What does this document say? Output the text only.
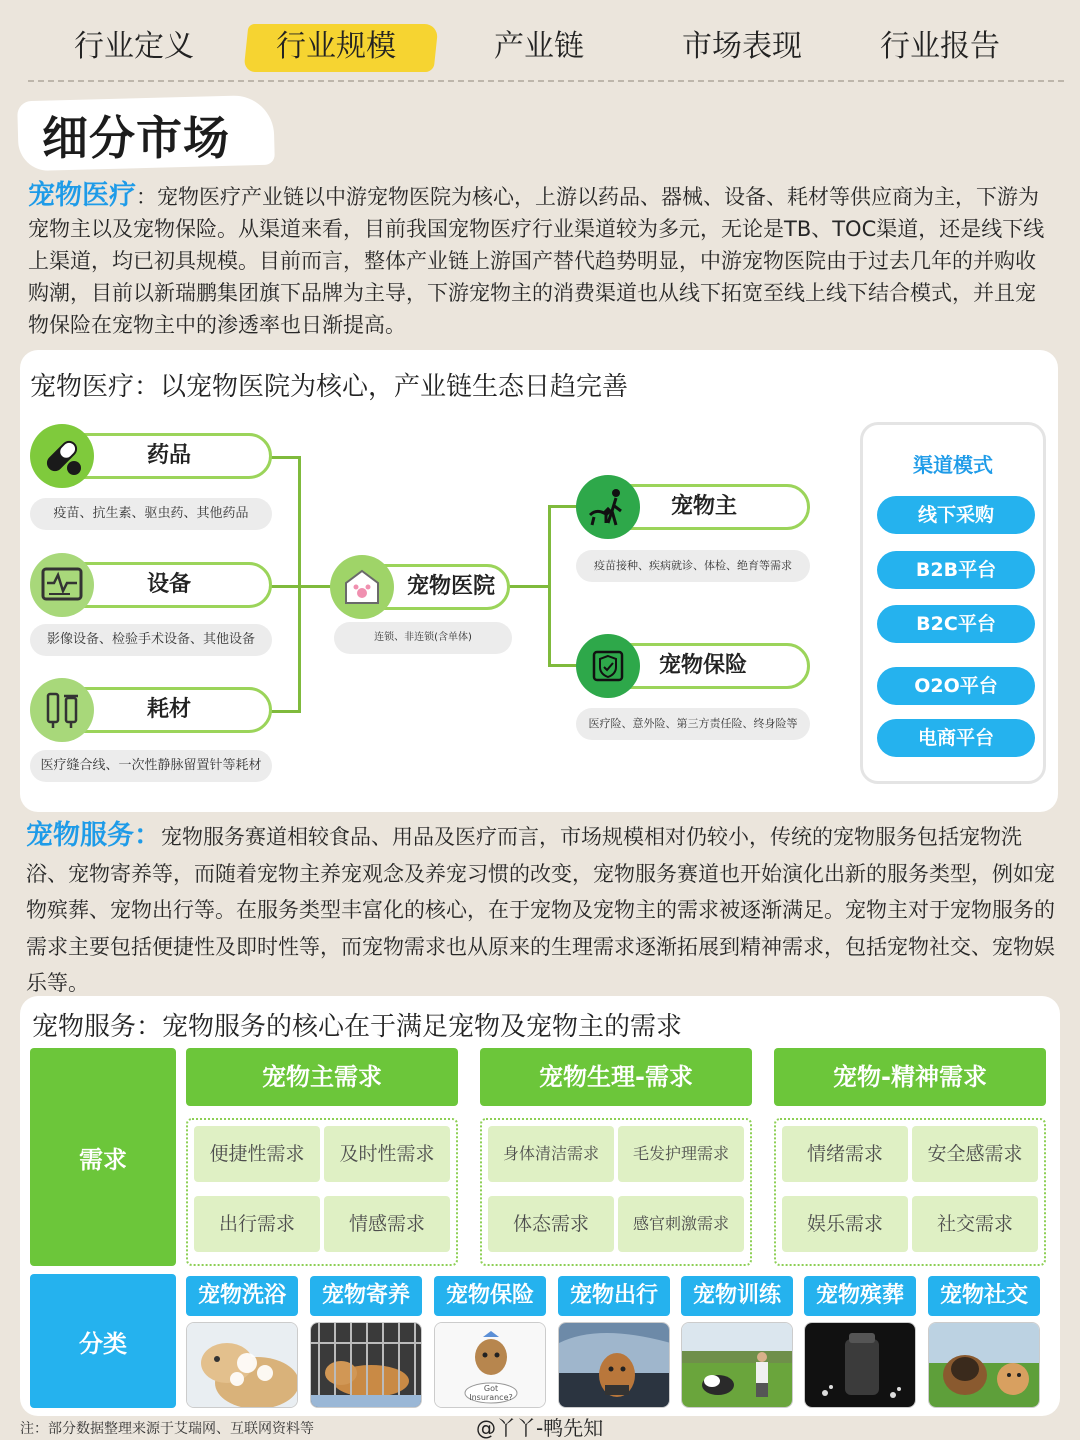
行业定义	行业规模	产业链	市场表现	行业报告
细分市场
宠物医疗：宠物医疗产业链以中游宠物医院为核心，上游以药品、器械、设备、耗材等供应商为主，下游为宠物主以及宠物保险。从渠道来看，目前我国宠物医疗行业渠道较为多元，无论是TB、TOC渠道，还是线下线上渠道，均已初具规模。目前而言，整体产业链上游国产替代趋势明显，中游宠物医院由于过去几年的并购收购潮，目前以新瑞鹏集团旗下品牌为主导，下游宠物主的消费渠道也从线下拓宽至线上线下结合模式，并且宠物保险在宠物主中的渗透率也日渐提高。
宠物医疗：以宠物医院为核心，产业链生态日趋完善
药品
疫苗、抗生素、驱虫药、其他药品
设备
影像设备、检验手术设备、其他设备
耗材
医疗缝合线、一次性静脉留置针等耗材
宠物医院
连锁、非连锁(含单体)
宠物主
疫苗接种、疾病就诊、体检、绝育等需求
宠物保险
医疗险、意外险、第三方责任险、终身险等
渠道模式
线下采购
B2B平台
B2C平台
O2O平台
电商平台
宠物服务：宠物服务赛道相较食品、用品及医疗而言，市场规模相对仍较小，传统的宠物服务包括宠物洗浴、宠物寄养等，而随着宠物主养宠观念及养宠习惯的改变，宠物服务赛道也开始演化出新的服务类型，例如宠物殡葬、宠物出行等。在服务类型丰富化的核心，在于宠物及宠物主的需求被逐渐满足。宠物主对于宠物服务的需求主要包括便捷性及即时性等，而宠物需求也从原来的生理需求逐渐拓展到精神需求，包括宠物社交、宠物娱乐等。
宠物服务：宠物服务的核心在于满足宠物及宠物主的需求
需求
分类
宠物主需求
便捷性需求	及时性需求
出行需求	情感需求
宠物生理-需求
身体清洁需求	毛发护理需求
体态需求	感官刺激需求
宠物-精神需求
情绪需求	安全感需求
娱乐需求	社交需求
宠物洗浴	宠物寄养	宠物保险	宠物出行	宠物训练	宠物殡葬	宠物社交
Got
Insurance?
注：部分数据整理来源于艾瑞网、互联网资料等	@丫丫-鸭先知
